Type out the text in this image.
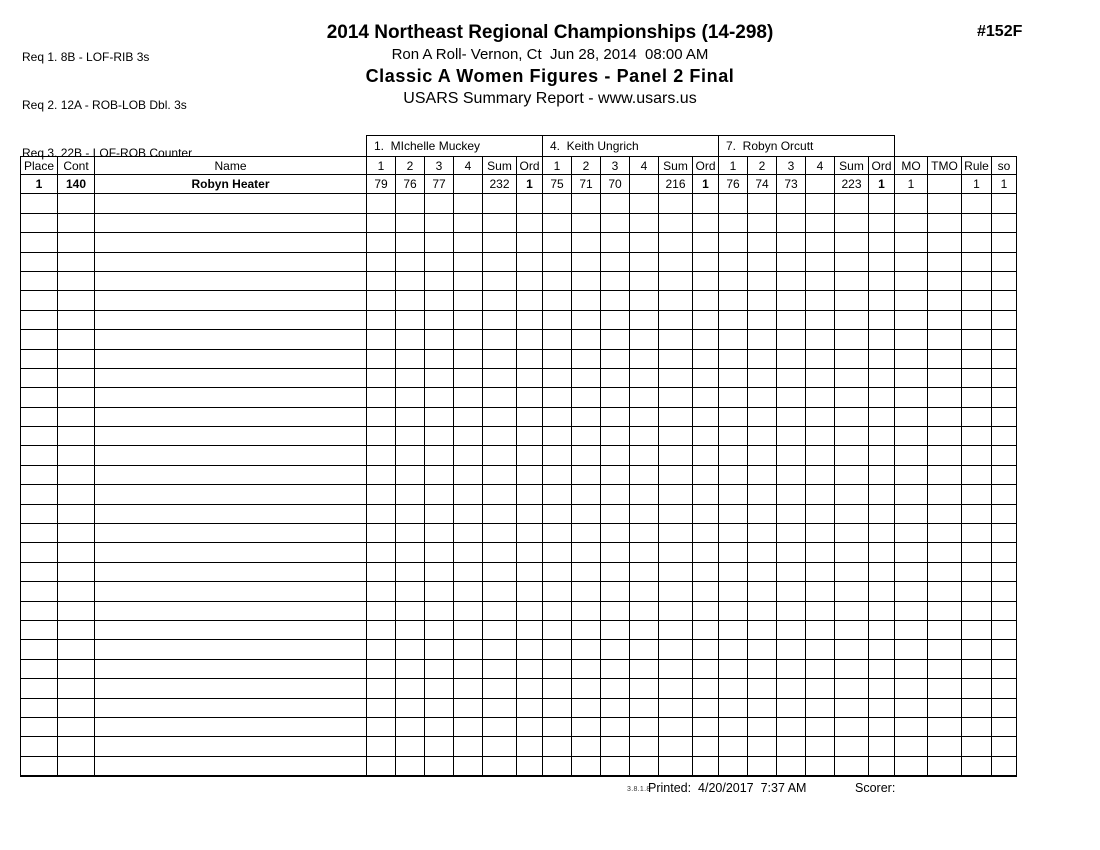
Req 1. 8B - LOF-RIB 3s

Req 2. 12A - ROB-LOB Dbl. 3s

Req 3. 22B - LOF-ROB Counter

2014 Northeast Regional Championships (14-298)
Ron A Roll- Vernon, Ct  Jun 28, 2014  08:00 AM
Classic A Women Figures - Panel 2 Final
USARS Summary Report - www.usars.us
#152F
			1.  MIchelle Muckey						4.  Keith Ungrich						7.  Robyn Orcutt									
Place	Cont	Name	1	2	3	4	Sum	Ord	1	2	3	4	Sum	Ord	1	2	3	4	Sum	Ord	MO	TMO	Rule	so
1	140	Robyn Heater	79	76	77		232	1	75	71	70		216	1	76	74	73		223	1	1		1	1

3.8.1.8
Printed:  4/20/2017  7:37 AM	Scorer:
